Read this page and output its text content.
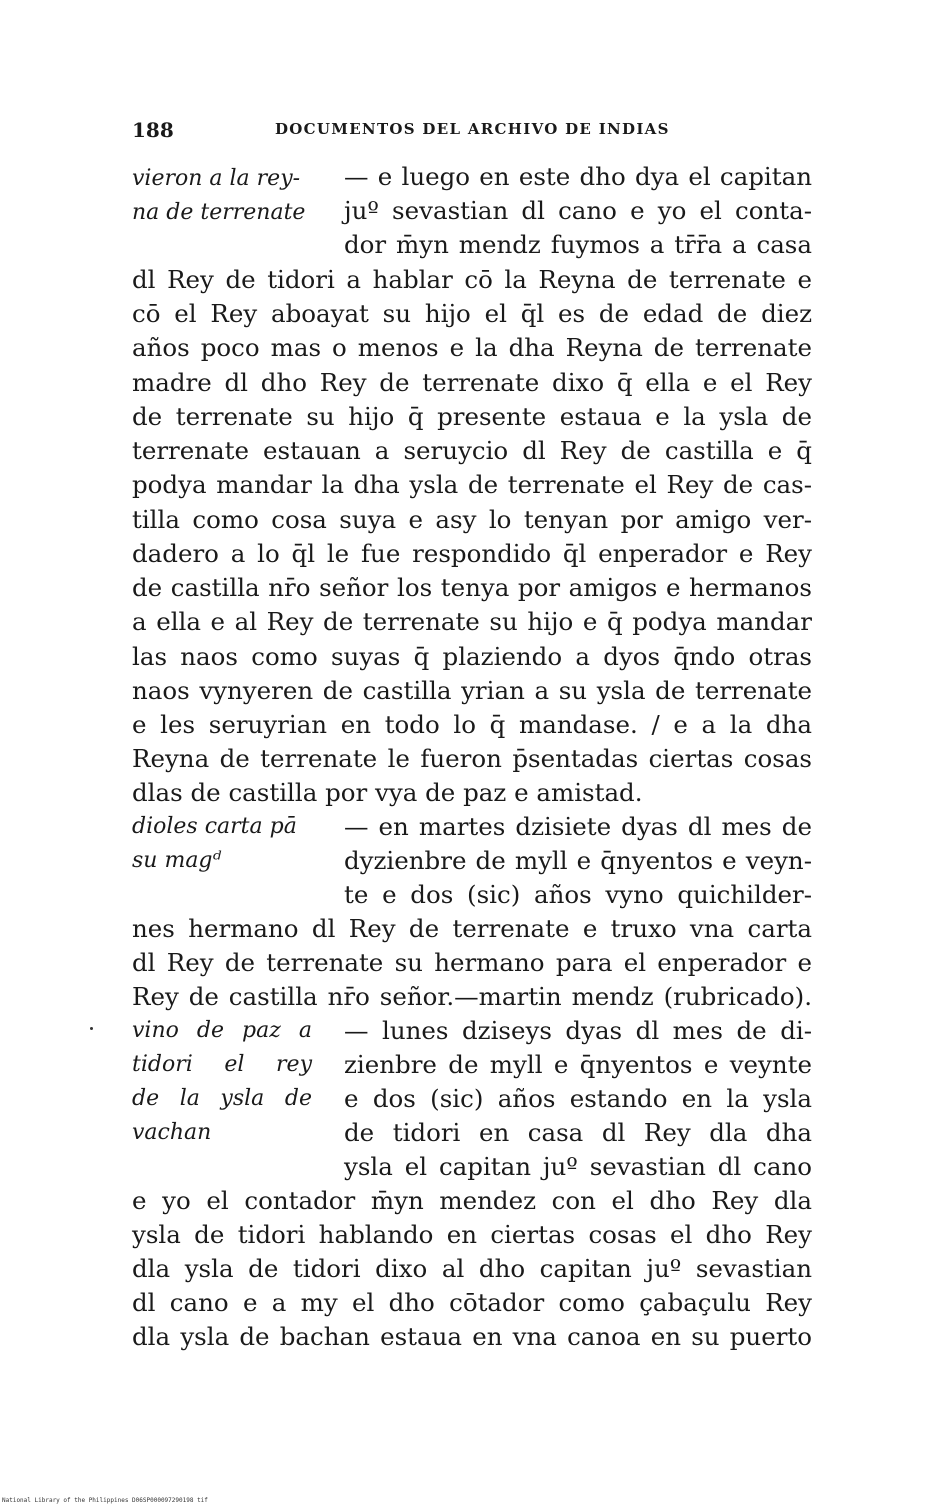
188	DOCUMENTOS DEL ARCHIVO DE INDIAS
vieron a la rey-
na de terrenate
dioles carta pā
su magᵈ
vino de paz a
tidori el rey
de la ysla de
vachan
— e luego en este dho dya el capitan
juº sevastian dl cano e yo el conta-
dor m̄yn mendz fuymos a tr̄r̄a a casa
dl Rey de tidori a hablar cō la Reyna de terrenate e
cō el Rey aboayat su hijo el q̄l es de edad de diez
años poco mas o menos e la dha Reyna de terrenate
madre dl dho Rey de terrenate dixo q̄ ella e el Rey
de terrenate su hijo q̄ presente estaua e la ysla de
terrenate estauan a seruycio dl Rey de castilla e q̄
podya mandar la dha ysla de terrenate el Rey de cas-
tilla como cosa suya e asy lo tenyan por amigo ver-
dadero a lo q̄l le fue respondido q̄l enperador e Rey
de castilla nr̄o señor los tenya por amigos e hermanos
a ella e al Rey de terrenate su hijo e q̄ podya mandar
las naos como suyas q̄ plaziendo a dyos q̄ndo otras
naos vynyeren de castilla yrian a su ysla de terrenate
e les seruyrian en todo lo q̄ mandase. / e a la dha
Reyna de terrenate le fueron p̄sentadas ciertas cosas
dlas de castilla por vya de paz e amistad.
— en martes dzisiete dyas dl mes de
dyzienbre de myll e q̄nyentos e veyn-
te e dos (sic) años vyno quichilder-
nes hermano dl Rey de terrenate e truxo vna carta
dl Rey de terrenate su hermano para el enperador e
Rey de castilla nr̄o señor.—martin mendz (rubricado).
— lunes dziseys dyas dl mes de di-
zienbre de myll e q̄nyentos e veynte
e dos (sic) años estando en la ysla
de tidori en casa dl Rey dla dha
ysla el capitan juº sevastian dl cano
e yo el contador m̄yn mendez con el dho Rey dla
ysla de tidori hablando en ciertas cosas el dho Rey
dla ysla de tidori dixo al dho capitan juº sevastian
dl cano e a my el dho cōtador como çabaçulu Rey
dla ysla de bachan estaua en vna canoa en su puerto
National Library of the Philippines D06SP000097290198 tif
